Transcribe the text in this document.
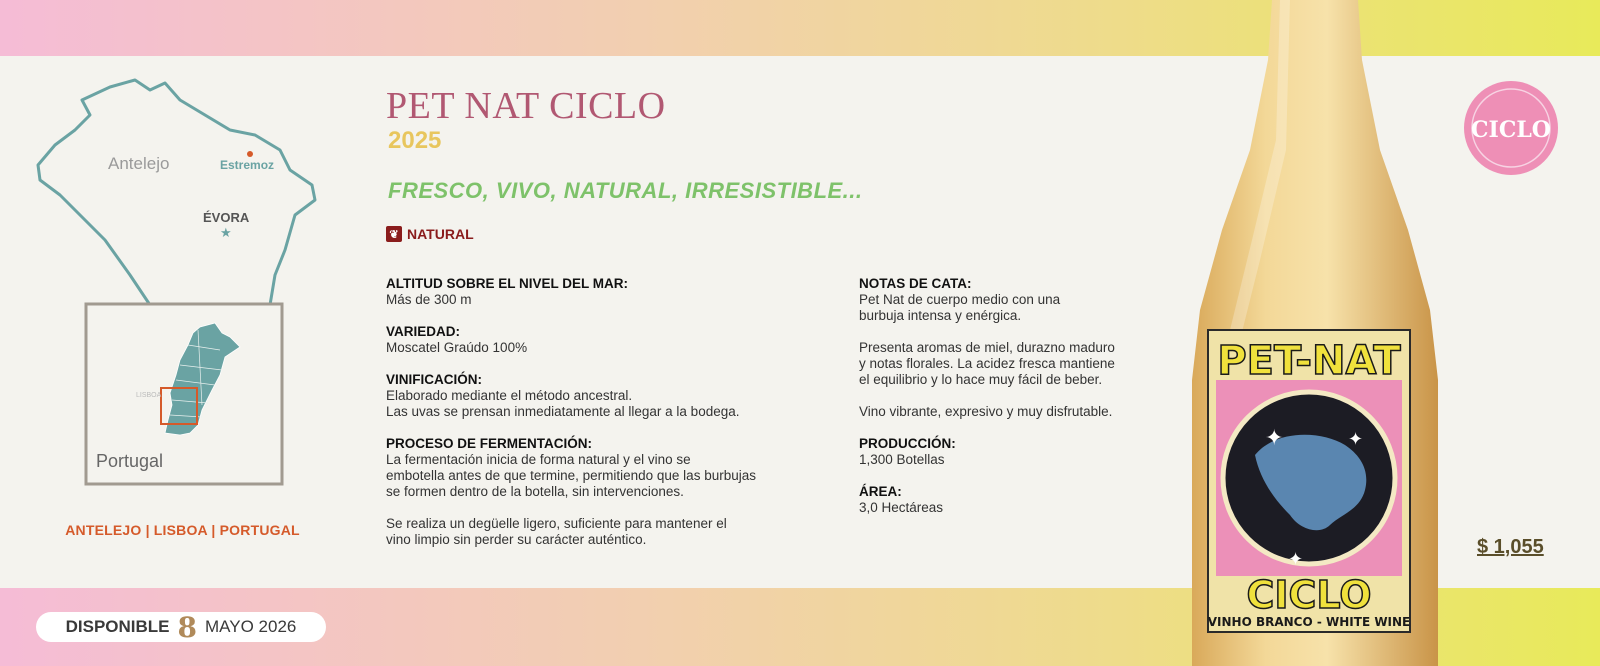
Antelejo	Estremoz
ÉVORA
★
LISBOA
Portugal
ANTELEJO | LISBOA | PORTUGAL
DISPONIBLE 8 MAYO 2026
PET NAT CICLO
2025
FRESCO, VIVO, NATURAL, IRRESISTIBLE...
❦ NATURAL
ALTITUD SOBRE EL NIVEL DEL MAR:
Más de 300 m
VARIEDAD:
Moscatel Graúdo 100%
VINIFICACIÓN:
Elaborado mediante el método ancestral.
Las uvas se prensan inmediatamente al llegar a la bodega.
PROCESO DE FERMENTACIÓN:
La fermentación inicia de forma natural y el vino se
embotella antes de que termine, permitiendo que las burbujas
se formen dentro de la botella, sin intervenciones.
Se realiza un degüelle ligero, suficiente para mantener el
vino limpio sin perder su carácter auténtico.
NOTAS DE CATA:
Pet Nat de cuerpo medio con una
burbuja intensa y enérgica.
Presenta aromas de miel, durazno maduro
y notas florales. La acidez fresca mantiene
el equilibrio y lo hace muy fácil de beber.
Vino vibrante, expresivo y muy disfrutable.
PRODUCCIÓN:
1,300 Botellas
ÁREA:
3,0 Hectáreas
✦	✦
✦
PET-NAT
CICLO
VINHO BRANCO - WHITE WINE
CICLO
$ 1,055
